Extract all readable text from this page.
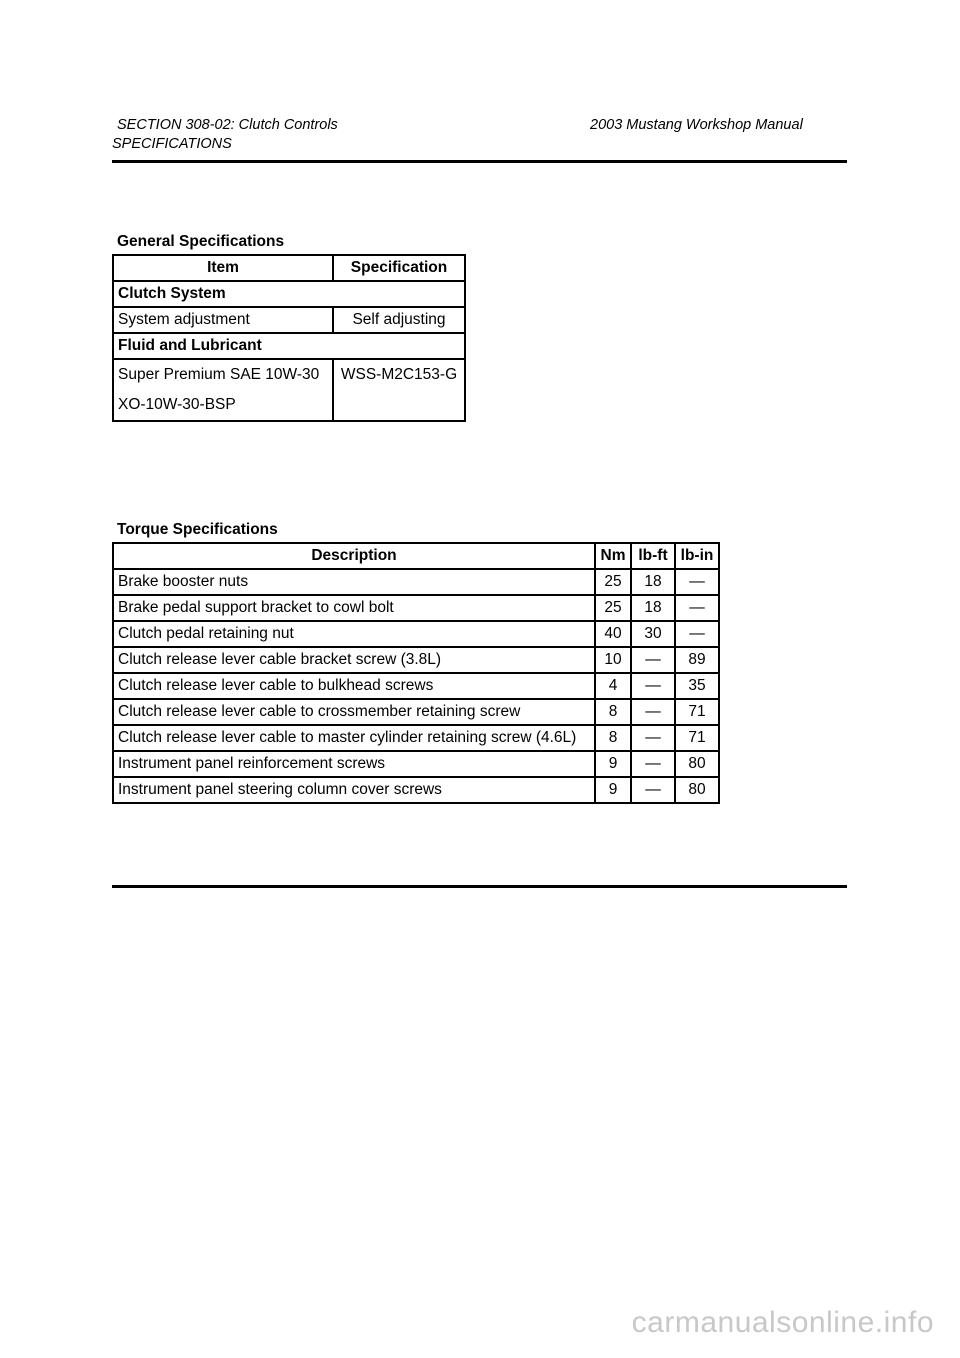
SECTION 308-02: Clutch Controls	2003 Mustang Workshop Manual
SPECIFICATIONS
General Specifications
Item	Specification
Clutch System	
System adjustment	Self adjusting
Fluid and Lubricant	

Super Premium SAE 10W-30
XO-10W-30-BSP	WSS-M2C153-G
Torque Specifications
Description	Nm	lb-ft	lb-in
Brake booster nuts	25	18	—
Brake pedal support bracket to cowl bolt	25	18	—
Clutch pedal retaining nut	40	30	—
Clutch release lever cable bracket screw (3.8L)	10	—	89
Clutch release lever cable to bulkhead screws	4	—	35
Clutch release lever cable to crossmember retaining screw	8	—	71
Clutch release lever cable to master cylinder retaining screw (4.6L)	8	—	71
Instrument panel reinforcement screws	9	—	80
Instrument panel steering column cover screws	9	—	80
carmanualsonline.info
